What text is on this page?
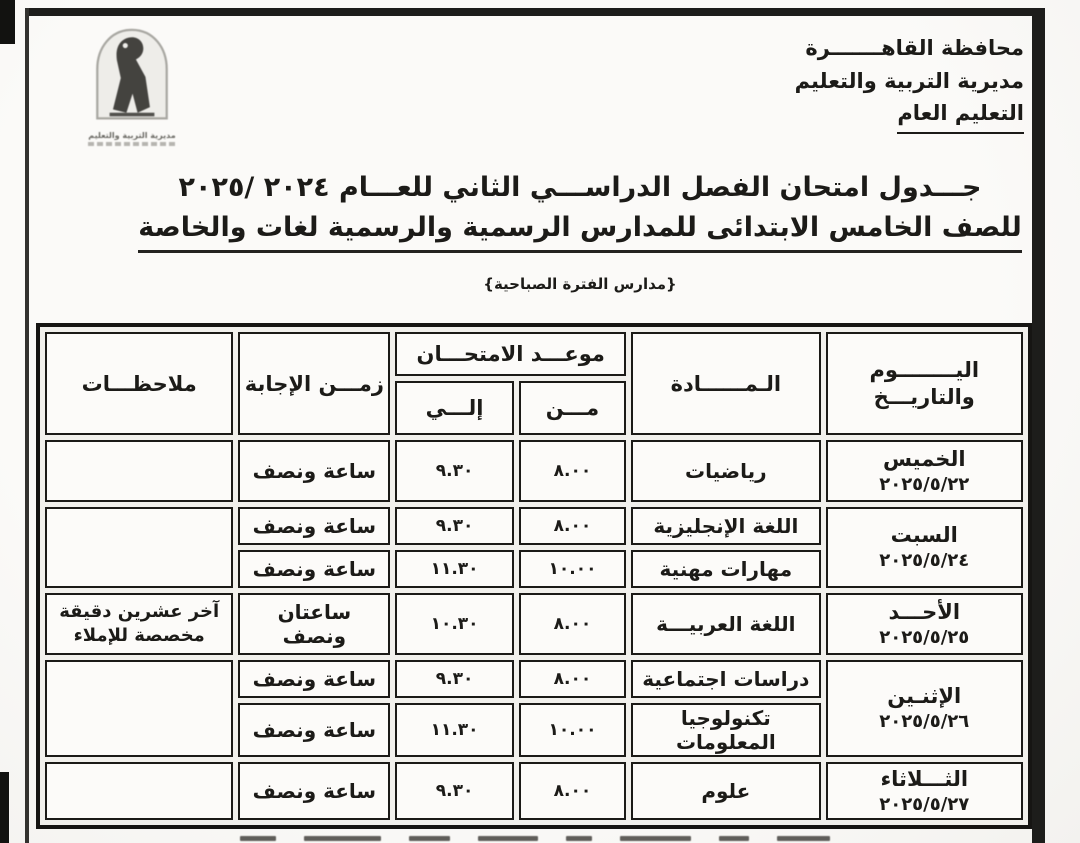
مديرية التربية والتعليم
محافظة القاهـــــــرة
مديرية التربية والتعليم
التعليم العام
جـــدول امتحان الفصل الدراســـي الثاني للعـــام ٢٠٢٤ /٢٠٢٥
للصف الخامس الابتدائى للمدارس الرسمية والرسمية لغات والخاصة
{مدارس الفترة الصباحية}
اليــــــــوم
والتاريـــخ	الـمــــــادة	موعـــد الامتحـــان		زمـــن الإجابة	ملاحظـــات
		مـــن	إلـــي		

الخميس
٢٠٢٥/٥/٢٢	رياضيات	٨.٠٠	٩.٣٠	ساعة ونصف	

السبت
٢٠٢٥/٥/٢٤	اللغة الإنجليزية	٨.٠٠	٩.٣٠	ساعة ونصف	
	مهارات مهنية	١٠.٠٠	١١.٣٠	ساعة ونصف	

الأحـــد
٢٠٢٥/٥/٢٥	اللغة العربيـــة	٨.٠٠	١٠.٣٠	ساعتان ونصف	آخر عشرين دقيقة مخصصة للإملاء

الإثنـين
٢٠٢٥/٥/٢٦	دراسات اجتماعية	٨.٠٠	٩.٣٠	ساعة ونصف	
	تكنولوجيا المعلومات	١٠.٠٠	١١.٣٠	ساعة ونصف	

الثـــلاثاء
٢٠٢٥/٥/٢٧	علوم	٨.٠٠	٩.٣٠	ساعة ونصف	
